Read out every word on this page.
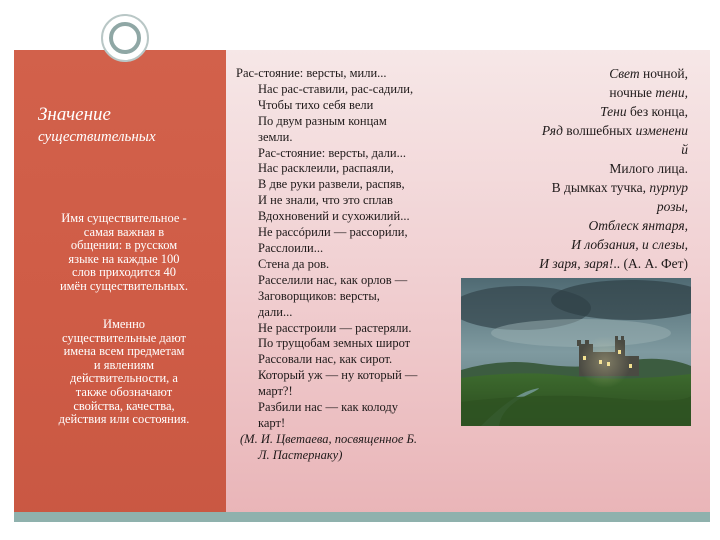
Значение
существительных
Имя существительное -
самая важная в
общении: в русском
языке на каждые 100
слов приходится 40
имён существительных.
Именно
существительные дают
имена всем предметам
и явлениям
действительности, а
также обозначают
свойства, качества,
действия или состояния.
Рас-стояние: версты, мили...
Нас рас-ставили, рас-садили,
Чтобы тихо себя вели
По двум разным концам
земли.
Рас-стояние: версты, дали...
Нас расклеили, распаяли,
В две руки развели, распяв,
И не знали, что это сплав
Вдохновений и сухожилий...
Не рассóрили — рассори́ли,
Расслоили...
Стена да ров.
Расселили нас, как орлов —
Заговорщиков: версты,
дали...
Не расстроили — растеряли.
По трущобам земных широт
Рассовали нас, как сирот.
Который уж — ну который —
март?!
Разбили нас — как колоду
карт!
(М. И. Цветаева, посвященное Б.
Л. Пастернаку)
Свет ночной,
ночные тени,
Тени без конца,
Ряд волшебных изменени
й
Милого лица.
В дымках тучка, пурпур
розы,
Отблеск янтаря,
И лобзания, и слезы,
И заря, заря!.. (А. А. Фет)
